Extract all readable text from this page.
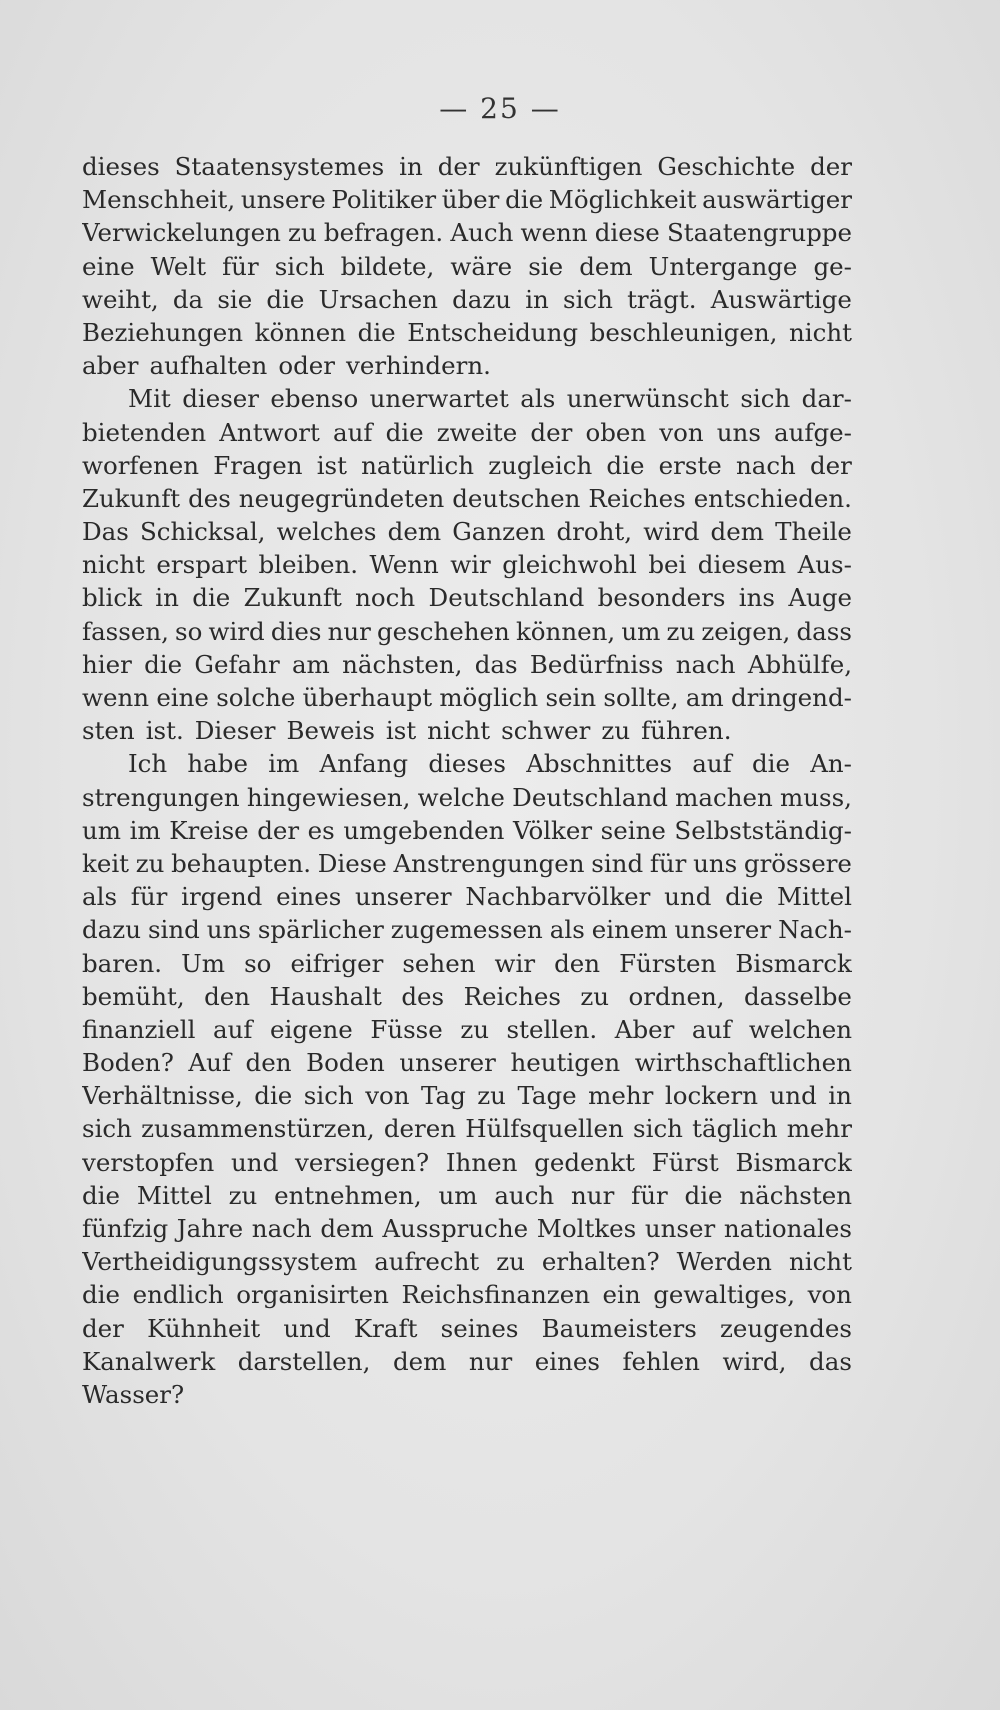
— 25 —
dieses Staatensystemes in der zukünftigen Geschichte der
Menschheit, unsere Politiker über die Möglichkeit auswärtiger
Verwickelungen zu befragen. Auch wenn diese Staatengruppe
eine Welt für sich bildete, wäre sie dem Untergange ge-
weiht, da sie die Ursachen dazu in sich trägt. Auswärtige
Beziehungen können die Entscheidung beschleunigen, nicht
aber aufhalten oder verhindern.
Mit dieser ebenso unerwartet als unerwünscht sich dar-
bietenden Antwort auf die zweite der oben von uns aufge-
worfenen Fragen ist natürlich zugleich die erste nach der
Zukunft des neugegründeten deutschen Reiches entschieden.
Das Schicksal, welches dem Ganzen droht, wird dem Theile
nicht erspart bleiben. Wenn wir gleichwohl bei diesem Aus-
blick in die Zukunft noch Deutschland besonders ins Auge
fassen, so wird dies nur geschehen können, um zu zeigen, dass
hier die Gefahr am nächsten, das Bedürfniss nach Abhülfe,
wenn eine solche überhaupt möglich sein sollte, am dringend-
sten ist. Dieser Beweis ist nicht schwer zu führen.
Ich habe im Anfang dieses Abschnittes auf die An-
strengungen hingewiesen, welche Deutschland machen muss,
um im Kreise der es umgebenden Völker seine Selbstständig-
keit zu behaupten. Diese Anstrengungen sind für uns grössere
als für irgend eines unserer Nachbarvölker und die Mittel
dazu sind uns spärlicher zugemessen als einem unserer Nach-
baren. Um so eifriger sehen wir den Fürsten Bismarck
bemüht, den Haushalt des Reiches zu ordnen, dasselbe
finanziell auf eigene Füsse zu stellen. Aber auf welchen
Boden? Auf den Boden unserer heutigen wirthschaftlichen
Verhältnisse, die sich von Tag zu Tage mehr lockern und in
sich zusammenstürzen, deren Hülfsquellen sich täglich mehr
verstopfen und versiegen? Ihnen gedenkt Fürst Bismarck
die Mittel zu entnehmen, um auch nur für die nächsten
fünfzig Jahre nach dem Ausspruche Moltkes unser nationales
Vertheidigungssystem aufrecht zu erhalten? Werden nicht
die endlich organisirten Reichsfinanzen ein gewaltiges, von
der Kühnheit und Kraft seines Baumeisters zeugendes
Kanalwerk darstellen, dem nur eines fehlen wird, das
Wasser?
